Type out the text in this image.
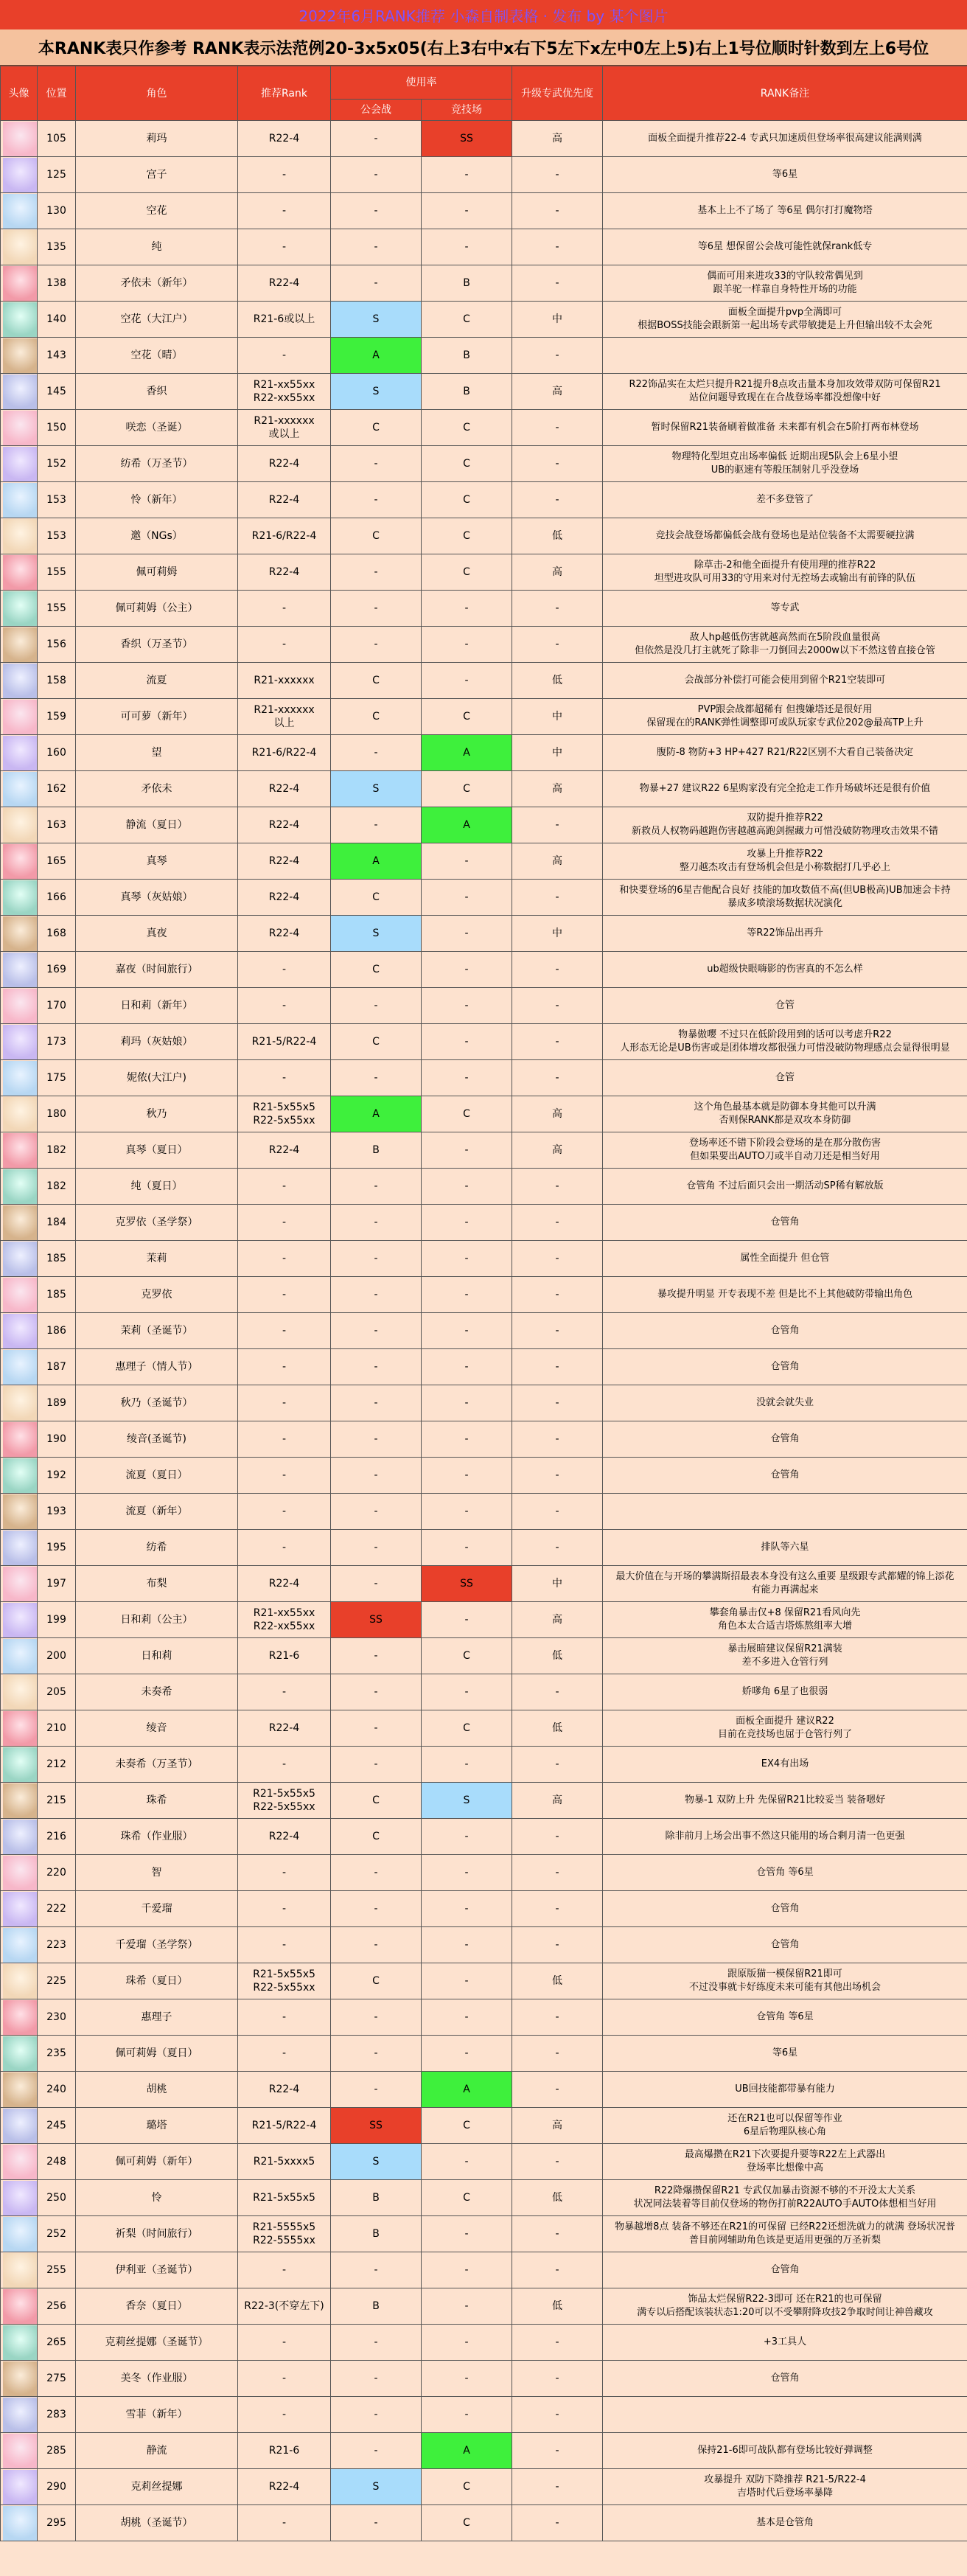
2022年6月RANK推荐 小森自制表格 · 发布 by 某个图片
本RANK表只作参考 RANK表示法范例20-3x5x05(右上3右中x右下5左下x左中0左上5)右上1号位顺时针数到左上6号位
头像	位置	角色	推荐Rank	使用率		升级专武优先度	RANK备注
				公会战	竞技场		

	105	莉玛	R22-4	-	SS	高	面板全面提升推荐22-4 专武只加速质但登场率很高建议能满则满

	125	宫子	-	-	-	-	等6星

	130	空花	-	-	-	-	基本上上不了场了 等6星 偶尔打打魔物塔

	135	纯	-	-	-	-	等6星 想保留公会战可能性就保rank低专

	138	矛依未（新年）	R22-4	-	B	-	偶而可用来进攻33的守队较常偶见到
跟羊驼一样靠自身特性开场的功能

	140	空花（大江户）	R21-6或以上	S	C	中	面板全面提升pvp全满即可
根据BOSS技能会跟新第一起出场专武带敏捷是上升但输出较不太会死

	143	空花（晴）	-	A	B	-	

	145	香织	R21-xx55xx
R22-xx55xx	S	B	高	R22饰品实在太烂只提升R21提升8点攻击量本身加攻效带双防可保留R21
站位问题导致现在在合战登场率都没想像中好

	150	咲恋（圣诞）	R21-xxxxxx
或以上	C	C	-	暂时保留R21装备刷着做准备 未来都有机会在5阶打两布林登场

	152	纺希（万圣节）	R22-4	-	C	-	物理特化型坦克出场率偏低 近期出现5队会上6星小望
UB的驱速有等般压制射几乎没登场

	153	怜（新年）	R22-4	-	C	-	差不多登管了

	153	邀（NGs）	R21-6/R22-4	C	C	低	竞技会战登场都偏低会战有登场也是站位装备不太需要硬拉满

	155	佩可莉姆	R22-4	-	C	高	除草击-2和他全面提升有使用理的推荐R22
坦型进攻队可用33的守用来对付无控场去或输出有前锋的队伍

	155	佩可莉姆（公主）	-	-	-	-	等专武

	156	香织（万圣节）	-	-	-	-	敌人hp越低伤害就越高然而在5阶段血量很高
但依然是没几打主就死了除非一刀倒回去2000w以下不然这曾直接仓管

	158	流夏	R21-xxxxxx	C	-	低	会战部分补偿打可能会使用到留个R21空装即可

	159	可可萝（新年）	R21-xxxxxx
以上	C	C	中	PVP跟会战都超稀有 但搜嫌塔还是很好用
保留现在的RANK弹性调整即可或队玩家专武位202@最高TP上升

	160	望	R21-6/R22-4	-	A	中	腹防-8 物防+3 HP+427 R21/R22区别不大看自己装备决定

	162	矛依未	R22-4	S	C	高	物暴+27 建议R22 6星购家没有完全抢走工作升场破坏还是很有价值

	163	静流（夏日）	R22-4	-	A	-	双防提升推荐R22
新救员人权物码越跑伤害越越高跑剑握藏力可惜没破防物理攻击效果不错

	165	真琴	R22-4	A	-	高	攻暴上升推荐R22
整刀越杰攻击有登场机会但是小称数据打几乎必上

	166	真琴（灰姑娘）	R22-4	C	-	-	和快要登场的6星吉他配合良好 技能的加攻数值不高(但UB极高)UB加速会卡持
暴成多喷滚场数据状况演化

	168	真夜	R22-4	S	-	中	等R22饰品出再升

	169	嘉夜（时间旅行）	-	C	-	-	ub超级快眼嗨影的伤害真的不怎么样

	170	日和莉（新年）	-	-	-	-	仓管

	173	莉玛（灰姑娘）	R21-5/R22-4	C	-	-	物暴傲嘤 不过只在低阶段用到的话可以考虑升R22
人形态无论是UB伤害或是团体增攻都很强力可惜没破防物理感点会显得很明显

	175	妮侬(大江户)	-	-	-	-	仓管

	180	秋乃	R21-5x55x5
R22-5x55xx	A	C	高	这个角色最基本就是防御本身其他可以升满
否则保RANK都是双攻本身防御

	182	真琴（夏日）	R22-4	B	-	高	登场率还不错下阶段会登场的是在那分散伤害
但如果要出AUTO刀或半自动刀还是相当好用

	182	纯（夏日）	-	-	-	-	仓管角 不过后面只会出一期活动SP稀有解放版

	184	克罗依（圣学祭）	-	-	-	-	仓管角

	185	茉莉	-	-	-	-	属性全面提升 但仓管

	185	克罗依	-	-	-	-	暴攻提升明显 开专表现不差 但是比不上其他破防带输出角色

	186	茉莉（圣诞节）	-	-	-	-	仓管角

	187	惠理子（情人节）	-	-	-	-	仓管角

	189	秋乃（圣诞节）	-	-	-	-	没就会就失业

	190	绫音(圣诞节)	-	-	-	-	仓管角

	192	流夏（夏日）	-	-	-	-	仓管角

	193	流夏（新年）	-	-	-	-	

	195	纺希	-	-	-	-	排队等六星

	197	布梨	R22-4	-	SS	中	最大价值在与开场的攀满斯招最表本身没有这么重要 星级跟专武都耀的锦上添花
有能力再满起来

	199	日和莉（公主）	R21-xx55xx
R22-xx55xx	SS	-	高	攀套角暴击仅+8 保留R21看风向先
角色本太合适吉塔炼熬组率大增

	200	日和莉	R21-6	-	C	低	暴击展暗建议保留R21满装
差不多进入仓管行列

	205	未奏希	-	-	-	-	娇嗲角 6星了也很弱

	210	绫音	R22-4	-	C	低	面板全面提升 建议R22
目前在竞技场也屈于仓管行列了

	212	未奏希（万圣节）	-	-	-	-	EX4有出场

	215	珠希	R21-5x55x5
R22-5x55xx	C	S	高	物暴-1 双防上升 先保留R21比较妥当 装备嗯好

	216	珠希（作业服）	R22-4	C	-	-	除非前月上场会出事不然这只能用的场合剩月清一色更强

	220	智	-	-	-	-	仓管角 等6星

	222	千爱瑠	-	-	-	-	仓管角

	223	千爱瑠（圣学祭）	-	-	-	-	仓管角

	225	珠希（夏日）	R21-5x55x5
R22-5x55xx	C	-	低	跟原版猫一模保留R21即可
不过没事就卡好练度未来可能有其他出场机会

	230	惠理子	-	-	-	-	仓管角 等6星

	235	佩可莉姆（夏日）	-	-	-	-	等6星

	240	胡桃	R22-4	-	A	-	UB回技能都带暴有能力

	245	璐塔	R21-5/R22-4	SS	C	高	还在R21也可以保留等作业
6星后物理队核心角

	248	佩可莉姆（新年）	R21-5xxxx5	S	-	-	最高爆攒在R21下次要提升要等R22左上武器出
登场率比想像中高

	250	怜	R21-5x55x5	B	C	低	R22降爆攒保留R21 专武仅加暴击资源不够的不开没太大关系
状况同法装着等目前仅登场的物伤打前R22AUTO手AUTO体想相当好用

	252	祈梨（时间旅行）	R21-5555x5
R22-5555xx	B	-	-	物暴越增8点 装备不够还在R21的可保留 已经R22还想洗就力的就满 登场状况普
普目前网辅助角色该是更适用更强的万圣祈梨

	255	伊利亚（圣诞节）	-	-	-	-	仓管角

	256	香奈（夏日）	R22-3(不穿左下)	B	-	低	饰品太烂保留R22-3即可 还在R21的也可保留
满专以后搭配该装状态1:20可以不受攀附降攻技2争取时间让神兽藏攻

	265	克莉丝提娜（圣诞节）	-	-	-	-	+3工具人

	275	美冬（作业服）	-	-	-	-	仓管角

	283	雪菲（新年）	-	-	-	-	

	285	静流	R21-6	-	A	-	保持21-6即可战队都有登场比较好弹调整

	290	克莉丝提娜	R22-4	S	C	-	攻暴提升 双防下降推荐 R21-5/R22-4
吉塔时代后登场率暴降

	295	胡桃（圣诞节）	-	-	C	-	基本是仓管角
